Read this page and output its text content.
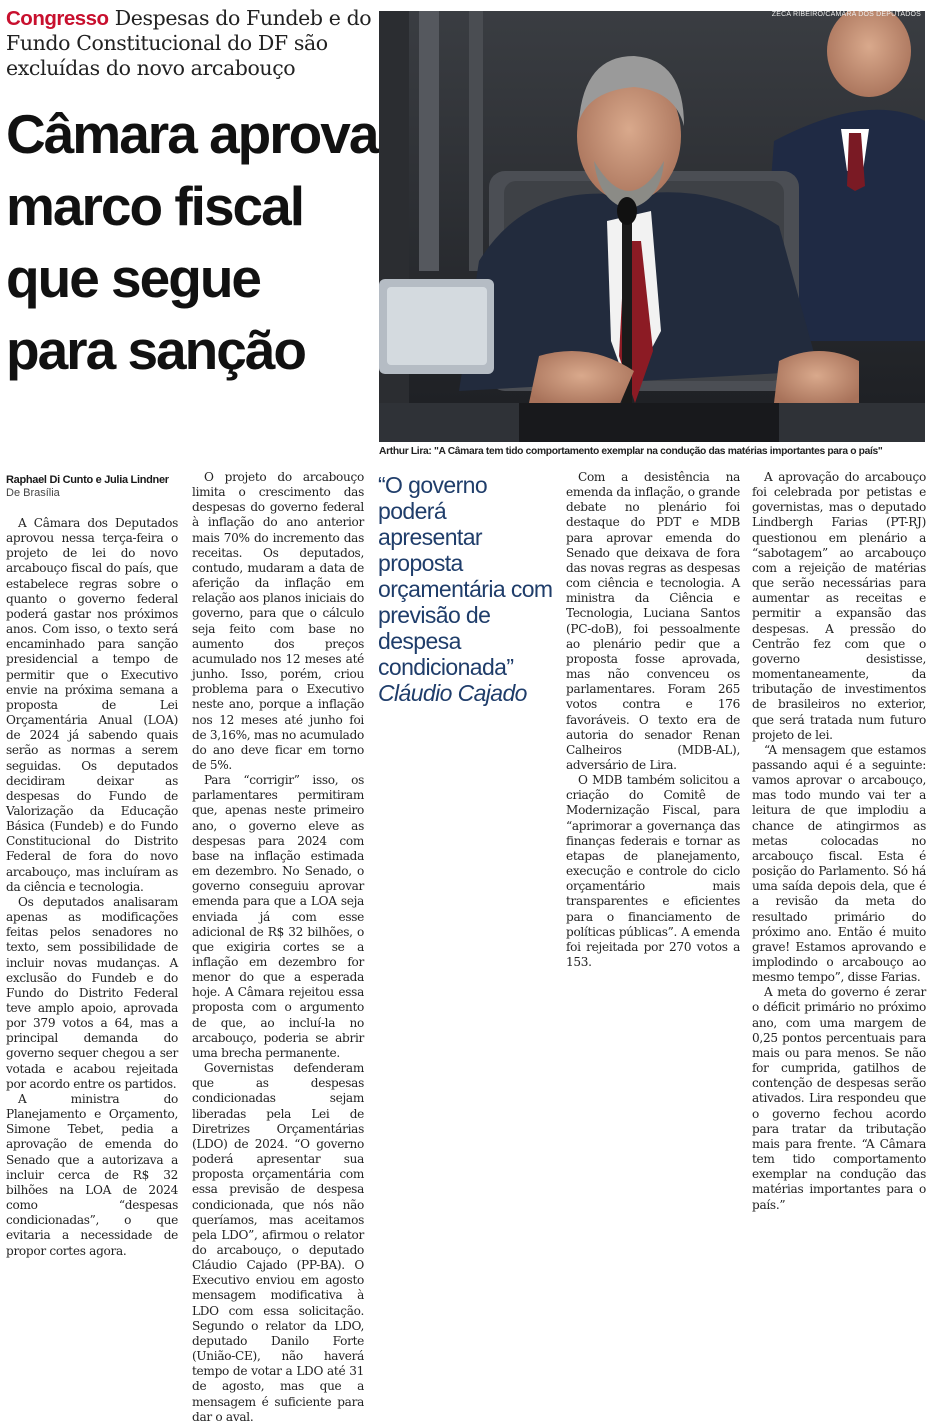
Congresso Despesas do Fundeb e do Fundo Constitucional do DF são excluídas do novo arcabouço
Câmara aprova marco fiscal que segue para sanção
ZECA RIBEIRO/CÂMARA DOS DEPUTADOS
Arthur Lira: "A Câmara tem tido comportamento exemplar na condução das matérias importantes para o país"
Raphael Di Cunto e Julia Lindner
De Brasília

A Câmara dos Deputados aprovou nessa terça-feira o projeto de lei do novo arcabouço fiscal do país, que estabelece regras sobre o quanto o governo federal poderá gastar nos próximos anos. Com isso, o texto será encaminhado para sanção presidencial a tempo de permitir que o Executivo envie na próxima semana a proposta de Lei Orçamentária Anual (LOA) de 2024 já sabendo quais serão as normas a serem seguidas. Os deputados decidiram deixar as despesas do Fundo de Valorização da Educação Básica (Fundeb) e do Fundo Constitucional do Distrito Federal de fora do novo arcabouço, mas incluíram as da ciência e tecnologia.

Os deputados analisaram apenas as modificações feitas pelos senadores no texto, sem possibilidade de incluir novas mudanças. A exclusão do Fundeb e do Fundo do Distrito Federal teve amplo apoio, aprovada por 379 votos a 64, mas a principal demanda do governo sequer chegou a ser votada e acabou rejeitada por acordo entre os partidos.

A ministra do Planejamento e Orçamento, Simone Tebet, pedia a aprovação de emenda do Senado que a autorizava a incluir cerca de R$ 32 bilhões na LOA de 2024 como “despesas condicionadas”, o que evitaria a necessidade de propor cortes agora.

O projeto do arcabouço limita o crescimento das despesas do governo federal à inflação do ano anterior mais 70% do incremento das receitas. Os deputados, contudo, mudaram a data de aferição da inflação em relação aos planos iniciais do governo, para que o cálculo seja feito com base no aumento dos preços acumulado nos 12 meses até junho. Isso, porém, criou problema para o Executivo neste ano, porque a inflação nos 12 meses até junho foi de 3,16%, mas no acumulado do ano deve ficar em torno de 5%.

Para “corrigir” isso, os parlamentares permitiram que, apenas neste primeiro ano, o governo eleve as despesas para 2024 com base na inflação estimada em dezembro. No Senado, o governo conseguiu aprovar emenda para que a LOA seja enviada já com esse adicional de R$ 32 bilhões, o que exigiria cortes se a inflação em dezembro for menor do que a esperada hoje. A Câmara rejeitou essa proposta com o argumento de que, ao incluí-la no arcabouço, poderia se abrir uma brecha permanente.

Governistas defenderam que as despesas condicionadas sejam liberadas pela Lei de Diretrizes Orçamentárias (LDO) de 2024. “O governo poderá apresentar sua proposta orçamentária com essa previsão de despesa condicionada, que nós não queríamos, mas aceitamos pela LDO”, afirmou o relator do arcabouço, o deputado Cláudio Cajado (PP-BA). O Executivo enviou em agosto mensagem modificativa à LDO com essa solicitação. Segundo o relator da LDO, deputado Danilo Forte (União-CE), não haverá tempo de votar a LDO até 31 de agosto, mas que a mensagem é suficiente para dar o aval.

“O governo poderá apresentar proposta orçamentária com previsão de despesa condicionada”
Cláudio Cajado

Com a desistência na emenda da inflação, o grande debate no plenário foi destaque do PDT e MDB para aprovar emenda do Senado que deixava de fora das novas regras as despesas com ciência e tecnologia. A ministra da Ciência e Tecnologia, Luciana Santos (PC-doB), foi pessoalmente ao plenário pedir que a proposta fosse aprovada, mas não convenceu os parlamentares. Foram 265 votos contra e 176 favoráveis. O texto era de autoria do senador Renan Calheiros (MDB-AL), adversário de Lira.

O MDB também solicitou a criação do Comitê de Modernização Fiscal, para “aprimorar a governança das finanças federais e tornar as etapas de planejamento, execução e controle do ciclo orçamentário mais transparentes e eficientes para o financiamento de políticas públicas”. A emenda foi rejeitada por 270 votos a 153.

A aprovação do arcabouço foi celebrada por petistas e governistas, mas o deputado Lindbergh Farias (PT-RJ) questionou em plenário a “sabotagem” ao arcabouço com a rejeição de matérias que serão necessárias para aumentar as receitas e permitir a expansão das despesas. A pressão do Centrão fez com que o governo desistisse, momentaneamente, da tributação de investimentos de brasileiros no exterior, que será tratada num futuro projeto de lei.

“A mensagem que estamos passando aqui é a seguinte: vamos aprovar o arcabouço, mas todo mundo vai ter a leitura de que implodiu a chance de atingirmos as metas colocadas no arcabouço fiscal. Esta é posição do Parlamento. Só há uma saída depois dela, que é a revisão da meta do resultado primário do próximo ano. Então é muito grave! Estamos aprovando e implodindo o arcabouço ao mesmo tempo”, disse Farias.

A meta do governo é zerar o déficit primário no próximo ano, com uma margem de 0,25 pontos percentuais para mais ou para menos. Se não for cumprida, gatilhos de contenção de despesas serão ativados. Lira respondeu que o governo fechou acordo para tratar da tributação mais para frente. “A Câmara tem tido comportamento exemplar na condução das matérias importantes para o país.”
